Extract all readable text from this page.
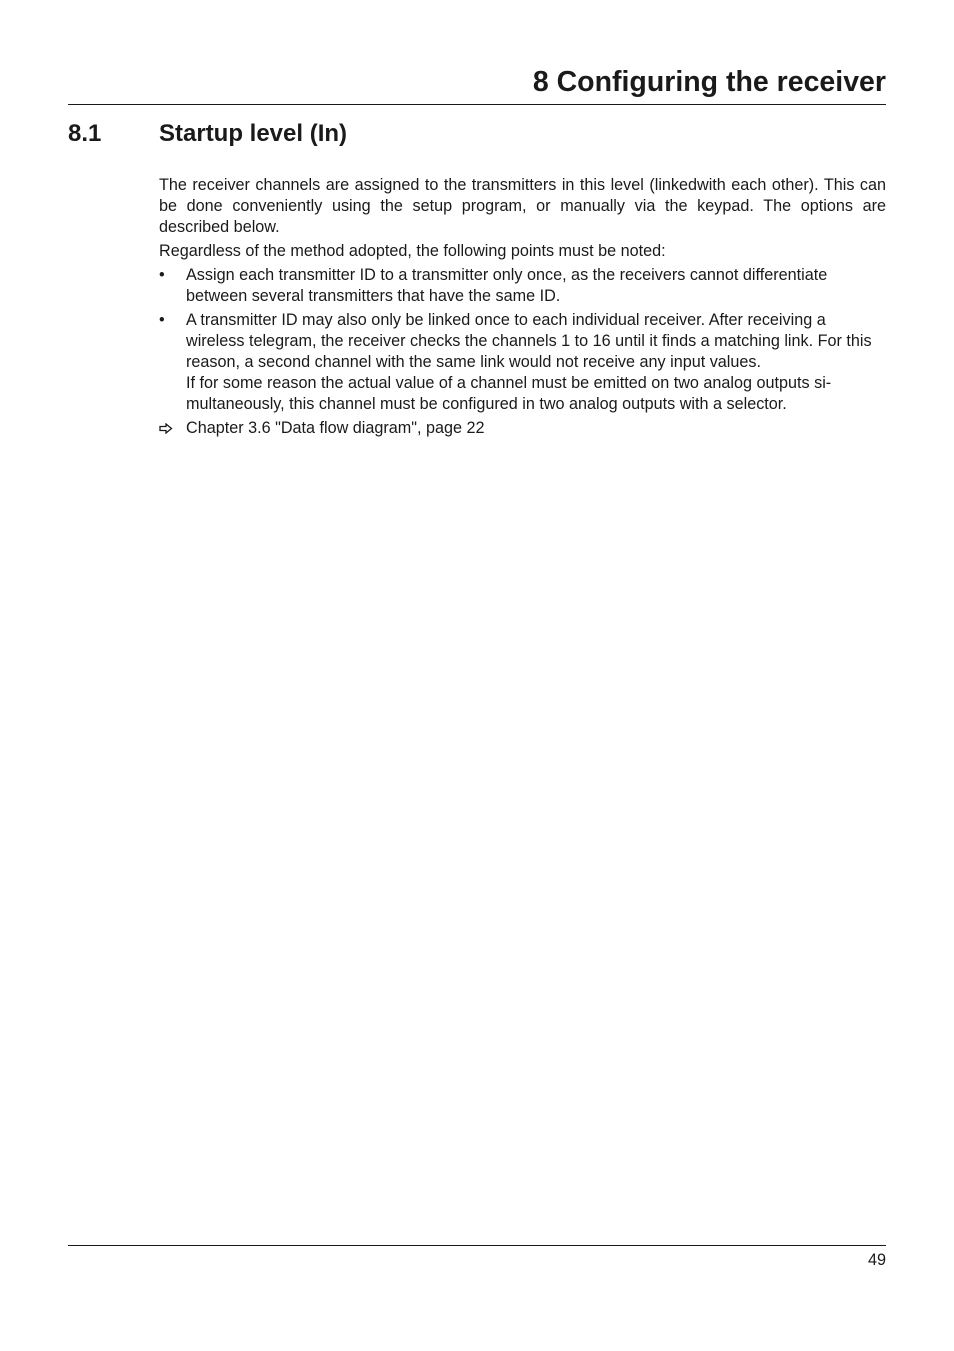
8 Configuring the receiver
8.1 Startup level (In)

The receiver channels are assigned to the transmitters in this level (linkedwith each other). This can be done conveniently using the setup program, or manually via the keypad. The options are described below.

Regardless of the method adopted, the following points must be noted:

• Assign each transmitter ID to a transmitter only once, as the receivers cannot differentiate between several transmitters that have the same ID.
• A transmitter ID may also only be linked once to each individual receiver. After receiving a wireless telegram, the receiver checks the channels 1 to 16 until it finds a matching link. For this reason, a second channel with the same link would not receive any input values.
If for some reason the actual value of a channel must be emitted on two analog outputs simultaneously, this channel must be configured in two analog outputs with a selector.
Chapter 3.6 "Data flow diagram", page 22
49
